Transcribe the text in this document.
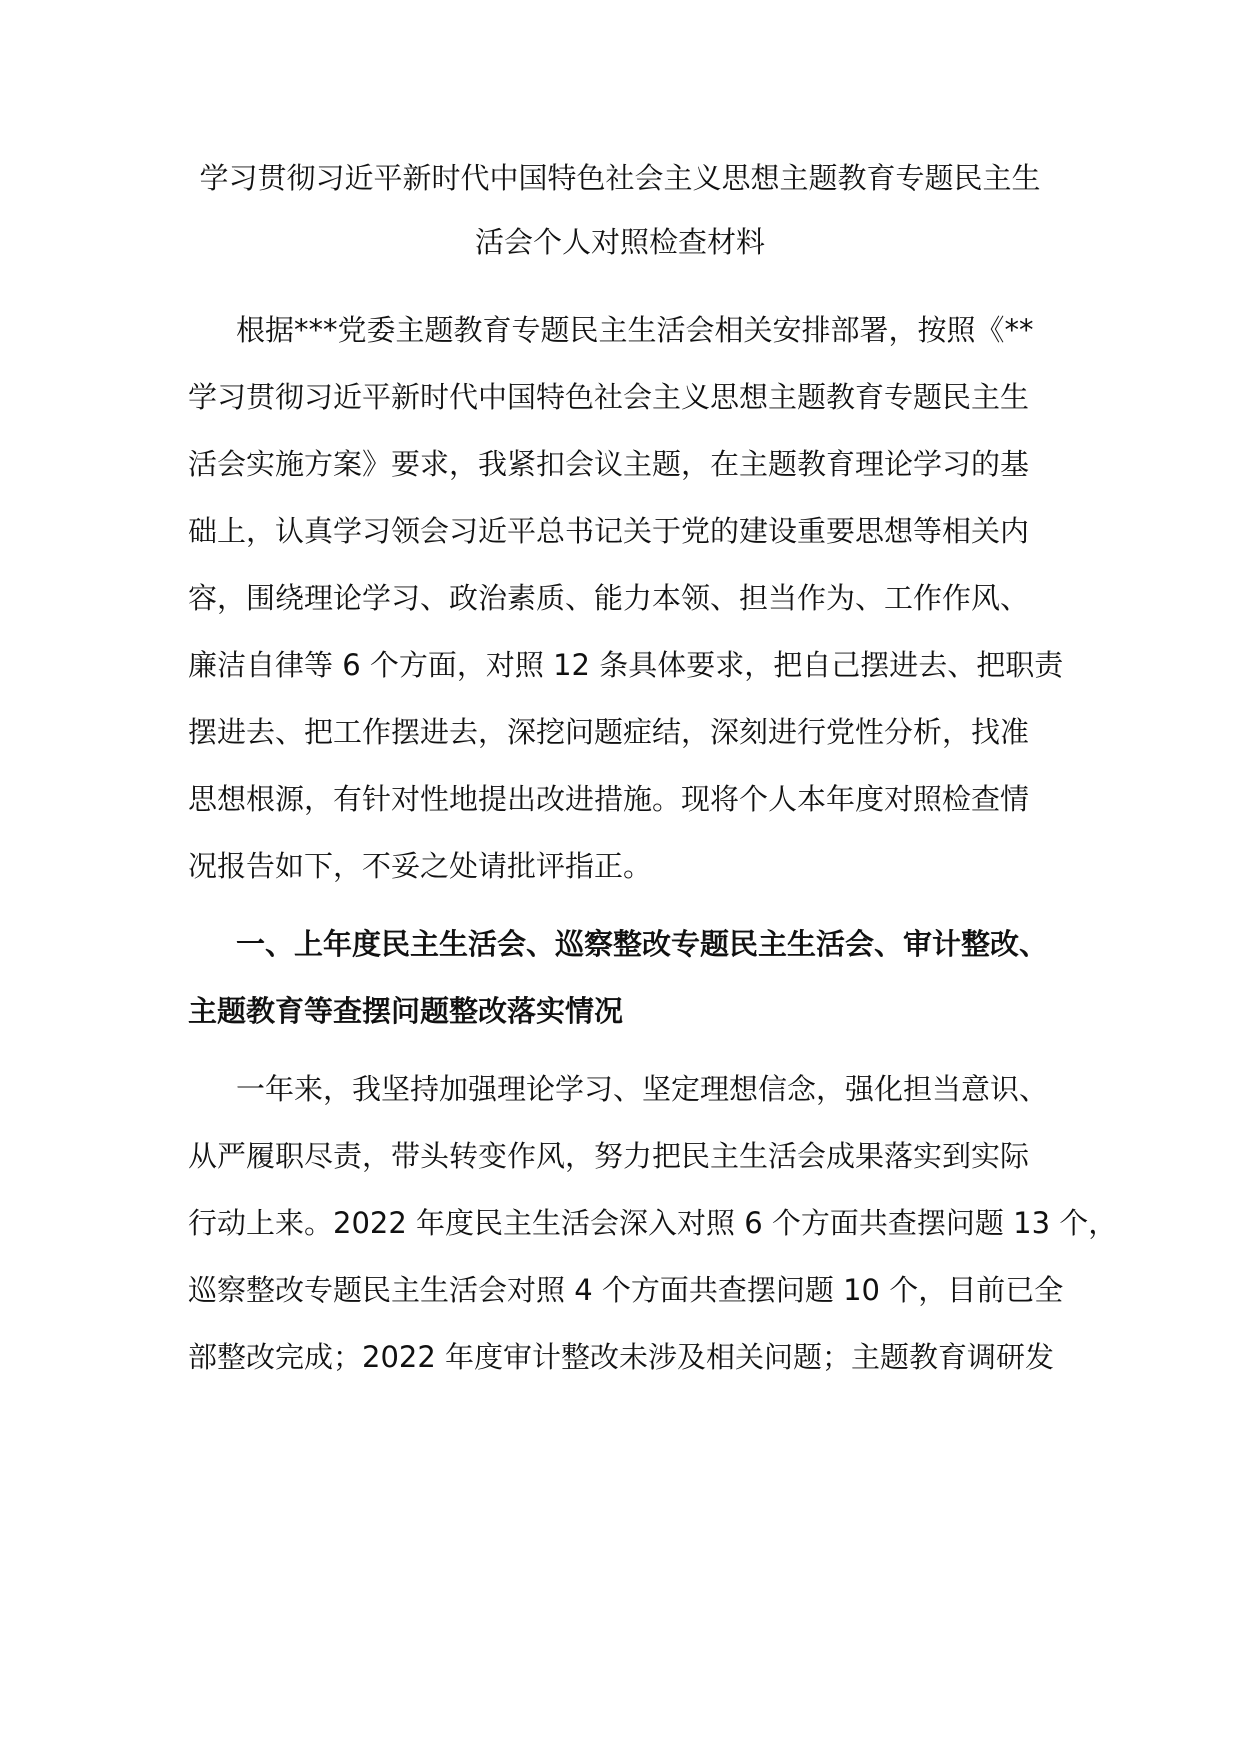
学习贯彻习近平新时代中国特色社会主义思想主题教育专题民主生
活会个人对照检查材料
根据***党委主题教育专题民主生活会相关安排部署，按照《**
学习贯彻习近平新时代中国特色社会主义思想主题教育专题民主生
活会实施方案》要求，我紧扣会议主题，在主题教育理论学习的基
础上，认真学习领会习近平总书记关于党的建设重要思想等相关内
容，围绕理论学习、政治素质、能力本领、担当作为、工作作风、
廉洁自律等 6 个方面，对照 12 条具体要求，把自己摆进去、把职责
摆进去、把工作摆进去，深挖问题症结，深刻进行党性分析，找准
思想根源，有针对性地提出改进措施。现将个人本年度对照检查情
况报告如下，不妥之处请批评指正。
一、上年度民主生活会、巡察整改专题民主生活会、审计整改、
主题教育等查摆问题整改落实情况
一年来，我坚持加强理论学习、坚定理想信念，强化担当意识、
从严履职尽责，带头转变作风，努力把民主生活会成果落实到实际
行动上来。2022 年度民主生活会深入对照 6 个方面共查摆问题 13 个，
巡察整改专题民主生活会对照 4 个方面共查摆问题 10 个，目前已全
部整改完成；2022 年度审计整改未涉及相关问题；主题教育调研发
